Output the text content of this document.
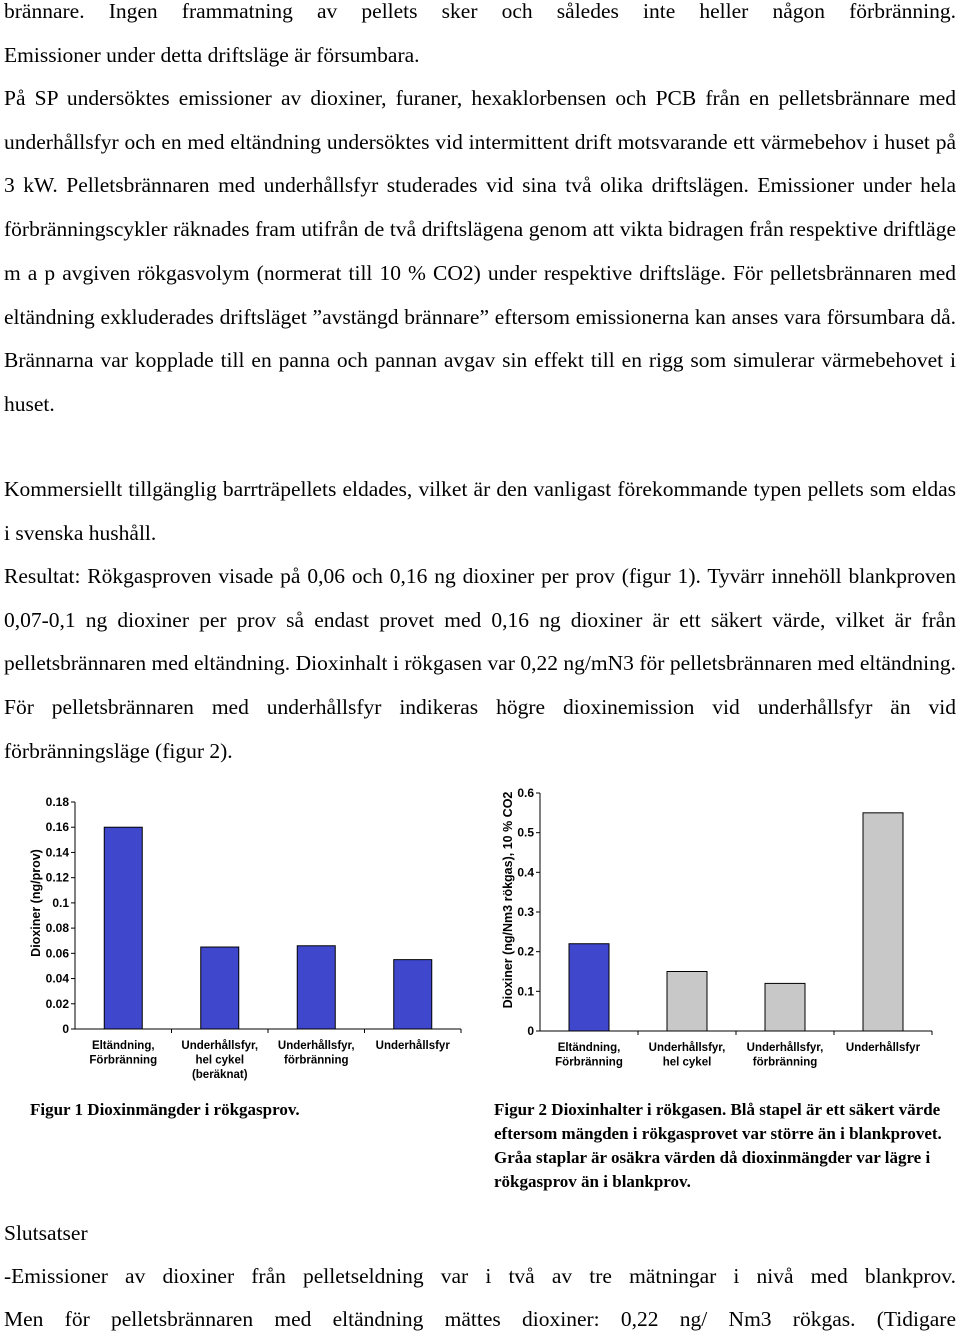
brännare. Ingen frammatning av pellets sker och således inte heller någon förbränning.

Emissioner under detta driftsläge är försumbara.

På SP undersöktes emissioner av dioxiner, furaner, hexaklorbensen och PCB från en pelletsbrännare med underhållsfyr och en med eltändning undersöktes vid intermittent drift motsvarande ett värmebehov i huset på 3 kW. Pelletsbrännaren med underhållsfyr studerades vid sina två olika driftslägen. Emissioner under hela förbränningscykler räknades fram utifrån de två driftslägena genom att vikta bidragen från respektive driftläge m a p avgiven rökgasvolym (normerat till 10 % CO2) under respektive driftsläge. För pelletsbrännaren med eltändning exkluderades driftsläget ”avstängd brännare” eftersom emissionerna kan anses vara försumbara då. Brännarna var kopplade till en panna och pannan avgav sin effekt till en rigg som simulerar värmebehovet i huset.

Kommersiellt tillgänglig barrträpellets eldades, vilket är den vanligast förekommande typen pellets som eldas i svenska hushåll.

Resultat: Rökgasproven visade på 0,06 och 0,16 ng dioxiner per prov (figur 1). Tyvärr innehöll blankproven 0,07-0,1 ng dioxiner per prov så endast provet med 0,16 ng dioxiner är ett säkert värde, vilket är från pelletsbrännaren med eltändning. Dioxinhalt i rökgasen var 0,22 ng/mN3 för pelletsbrännaren med eltändning. För pelletsbrännaren med underhållsfyr indikeras högre dioxinemission vid underhållsfyr än vid förbränningsläge (figur 2).

0
0.02
0.04
0.06
0.08
0.1
0.12
0.14
0.16
0.18
Dioxiner (ng/prov)
Eltändning,
Förbränning
Underhållsfyr,
hel cykel
(beräknat)
Underhållsfyr,
förbränning
Underhållsfyr
0
0.1
0.2
0.3
0.4
0.5
0.6
Dioxiner (ng/Nm3 rökgas), 10 % CO2
Eltändning,
Förbränning
Underhållsfyr,
hel cykel
Underhållsfyr,
förbränning
Underhållsfyr

Figur 1 Dioxinmängder i rökgasprov.	Figur 2 Dioxinhalter i rökgasen. Blå stapel är ett säkert värde eftersom mängden i rökgasprovet var större än i blankprovet. Gråa staplar är osäkra värden då dioxinmängder var lägre i rökgasprov än i blankprov.

Slutsatser

-Emissioner av dioxiner från pelletseldning var i två av tre mätningar i nivå med blankprov.

Men för pelletsbrännaren med eltändning mättes dioxiner: 0,22 ng/ Nm3 rökgas. (Tidigare
